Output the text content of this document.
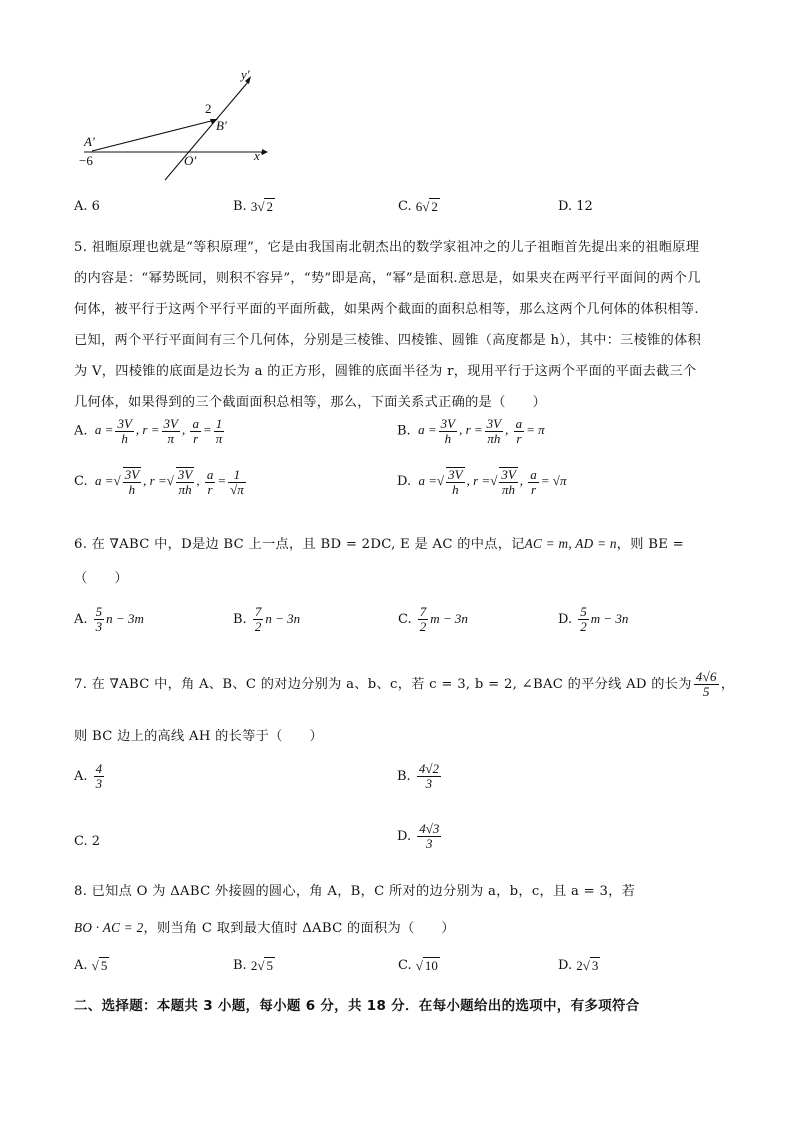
y′
x′
A′
B′
O′
2
−6
A. 6	B. 3√ 2	C. 6√ 2	D. 12
5. 祖暅原理也就是“等积原理”，它是由我国南北朝杰出的数学家祖冲之的儿子祖暅首先提出来的祖暅原理
的内容是：“幂势既同，则积不容异”，“势”即是高，“幂”是面积.意思是，如果夹在两平行平面间的两个几
何体，被平行于这两个平行平面的平面所截，如果两个截面的面积总相等，那么这两个几何体的体积相等.
已知，两个平行平面间有三个几何体，分别是三棱锥、四棱锥、圆锥（高度都是 h），其中：三棱锥的体积
为 V，四棱锥的底面是边长为 a 的正方形，圆锥的底面半径为 r，现用平行于这两个平面的平面去截三个
几何体，如果得到的三个截面面积总相等，那么，下面关系式正确的是（　　）
A.  $a = \frac{3V}{h}$ , $r = \frac{3V}{\pi}$ , $\frac{a}{r} = \frac{1}{\pi}$	B.  $a = \frac{3V}{h}$ , $r = \frac{3V}{\pi h}$ , $\frac{a}{r} = \pi$
C.  a =√ $\frac{3V}{h}$ , r =√ $\frac{3V}{\pi h}$ , $\frac{a}{r} = \frac{1}{√\pi}$	D.  a =√ $\frac{3V}{h}$ , r =√ $\frac{3V}{\pi h}$ , $\frac{a}{r} = √\pi$
6. 在 ∇ABC 中，D是边 BC 上一点，且 BD = 2DC, E 是 AC 的中点，记AC = m, AD = n，则 BE =
（　　）
A. $\frac{5}{3}$ n − 3m	B. $\frac{7}{2}$ n − 3n	C. $\frac{7}{2}$ m − 3n	D. $\frac{5}{2}$ m − 3n
7. 在 ∇ABC 中，角 A、B、C 的对边分别为 a、b、c，若 c = 3, b = 2, ∠BAC 的平分线 AD 的长为 $\frac{4√6}{5}$ ，
则 BC 边上的高线 AH 的长等于（　　）
A. $\frac{4}{3}$	B. $\frac{4√2}{3}$
C. 2	D. $\frac{4√3}{3}$
8. 已知点 O 为 ΔABC 外接圆的圆心，角 A，B，C 所对的边分别为 a，b，c，且 a = 3，若
BO · AC = 2，则当角 C 取到最大值时 ΔABC 的面积为（　　）
A. √ 5	B. 2√ 5	C. √ 10	D. 2√ 3
二、选择题：本题共 3 小题，每小题 6 分，共 18 分．在每小题给出的选项中，有多项符合
